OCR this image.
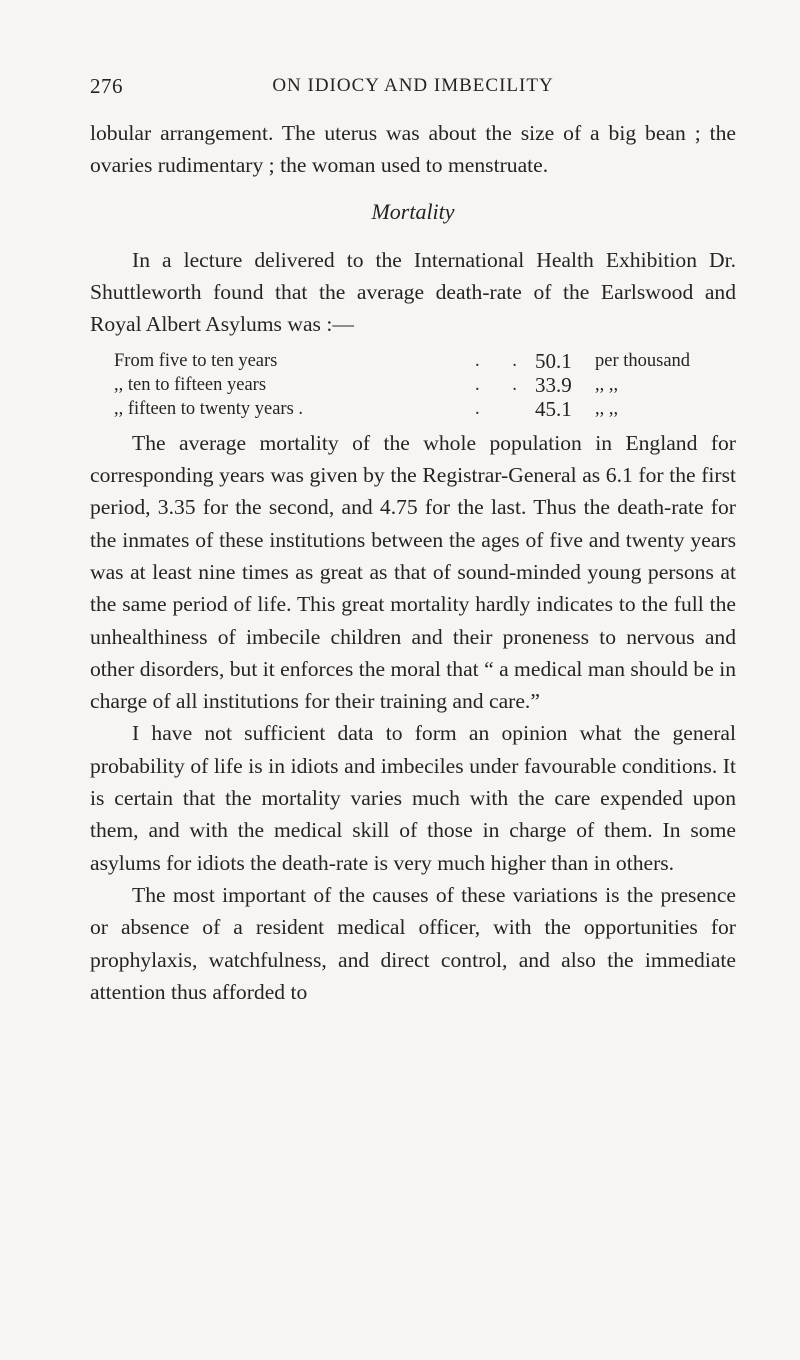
276	ON IDIOCY AND IMBECILITY

lobular arrangement. The uterus was about the size of a big bean ; the ovaries rudimentary ; the woman used to menstruate.

Mortality

In a lecture delivered to the International Health Exhibition Dr. Shuttleworth found that the average death-rate of the Earlswood and Royal Albert Asylums was :—

From five to ten years	. . 50.1 per thousand
,, ten to fifteen years	. . 33.9 ,, ,,
,, fifteen to twenty years .	. 45.1 ,, ,,

The average mortality of the whole population in England for corresponding years was given by the Registrar-General as 6.1 for the first period, 3.35 for the second, and 4.75 for the last. Thus the death-rate for the inmates of these institutions between the ages of five and twenty years was at least nine times as great as that of sound-minded young persons at the same period of life. This great mortality hardly indicates to the full the unhealthiness of imbecile children and their proneness to nervous and other disorders, but it enforces the moral that “ a medical man should be in charge of all institutions for their training and care.”

I have not sufficient data to form an opinion what the general probability of life is in idiots and imbeciles under favourable conditions. It is certain that the mortality varies much with the care expended upon them, and with the medical skill of those in charge of them. In some asylums for idiots the death-rate is very much higher than in others.

The most important of the causes of these variations is the presence or absence of a resident medical officer, with the opportunities for prophylaxis, watchfulness, and direct control, and also the immediate attention thus afforded to
